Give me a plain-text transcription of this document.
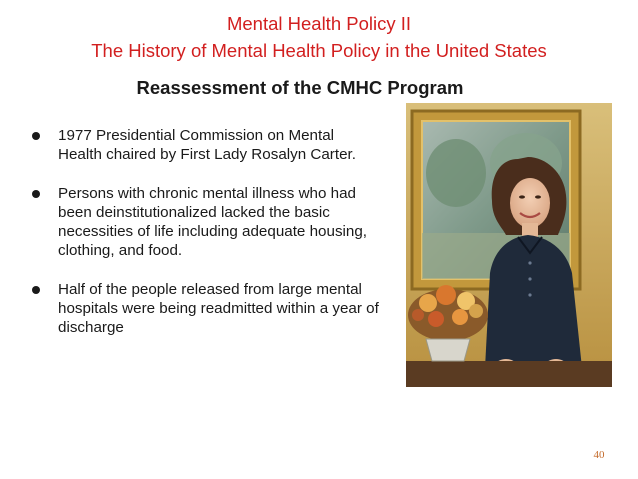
Mental Health Policy II
The History of Mental Health Policy in the United States
Reassessment of the CMHC Program
1977 Presidential Commission on Mental Health chaired by First Lady Rosalyn Carter.
Persons with chronic mental illness who had been deinstitutionalized lacked the basic necessities of life including adequate housing, clothing, and food.
Half of the people released from large mental hospitals were being readmitted within a year of discharge
40
